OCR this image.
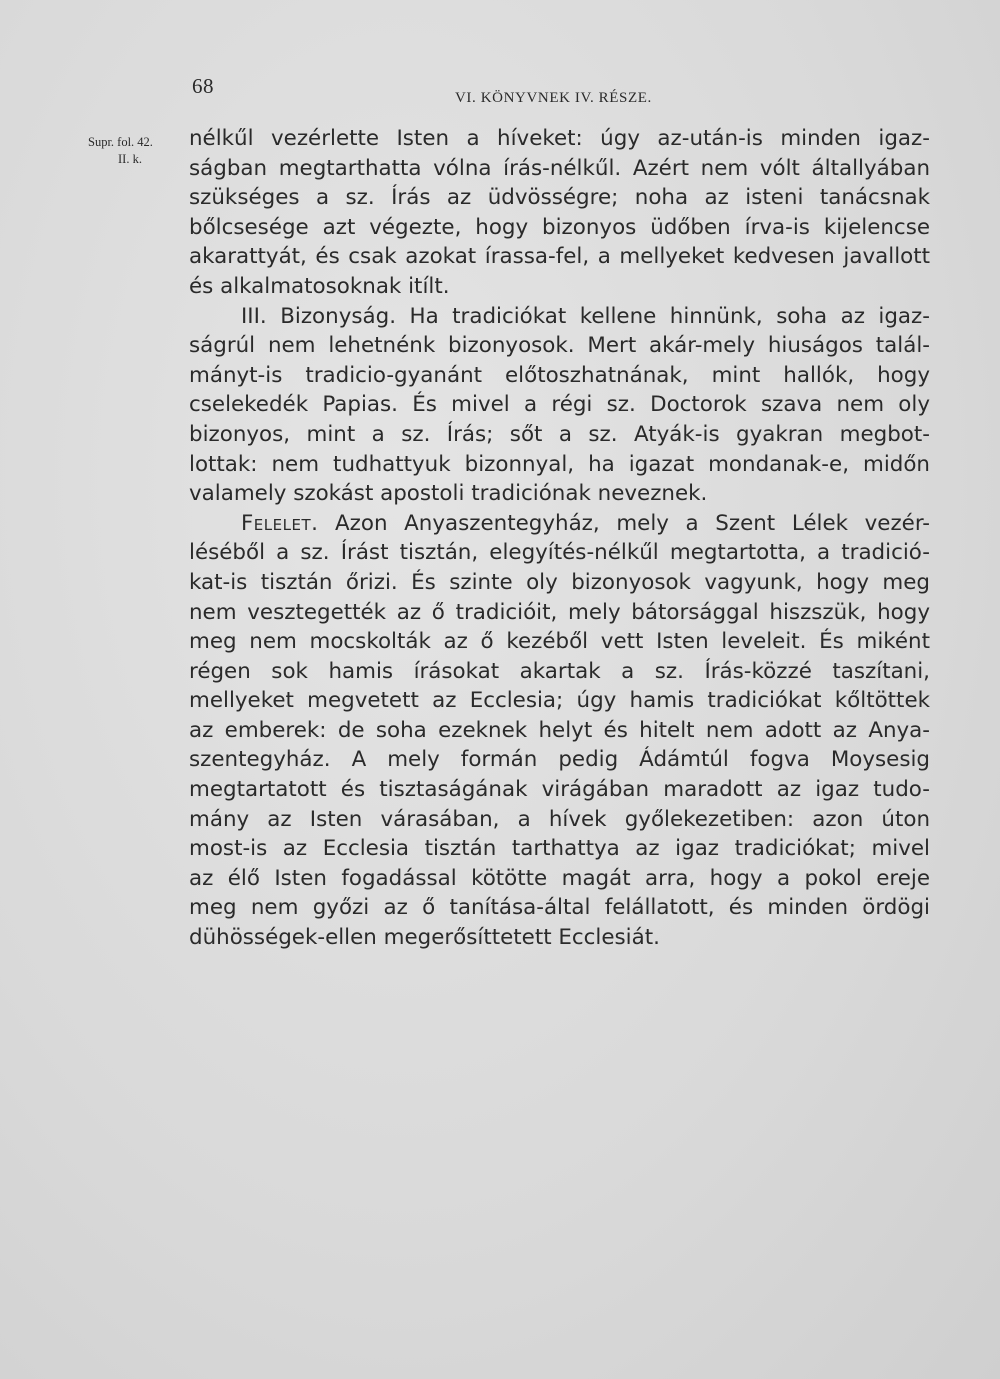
68	VI. KÖNYVNEK IV. RÉSZE.
Supr. fol. 42.
II. k.

nélkűl vezérlette Isten a híveket: úgy az-után-is minden igaz-
ságban megtarthatta vólna írás-nélkűl. Azért nem vólt általlyában
szükséges a sz. Írás az üdvösségre; noha az isteni tanácsnak
bőlcsesége azt végezte, hogy bizonyos üdőben írva-is kijelencse
akarattyát, és csak azokat írassa-fel, a mellyeket kedvesen javallott
és alkalmatosoknak itílt.

III. Bizonyság. Ha tradiciókat kellene hinnünk, soha az igaz-
ságrúl nem lehetnénk bizonyosok. Mert akár-mely hiuságos talál-
mányt-is tradicio-gyanánt előtoszhatnának, mint hallók, hogy
cselekedék Papias. És mivel a régi sz. Doctorok szava nem oly
bizonyos, mint a sz. Írás; sőt a sz. Atyák-is gyakran megbot-
lottak: nem tudhattyuk bizonnyal, ha igazat mondanak-e, midőn
valamely szokást apostoli tradiciónak neveznek.

Felelet. Azon Anyaszentegyház, mely a Szent Lélek vezér-
léséből a sz. Írást tisztán, elegyítés-nélkűl megtartotta, a tradició-
kat-is tisztán őrizi. És szinte oly bizonyosok vagyunk, hogy meg
nem vesztegették az ő tradicióit, mely bátorsággal hiszszük, hogy
meg nem mocskolták az ő kezéből vett Isten leveleit. És miként
régen sok hamis írásokat akartak a sz. Írás-közzé taszítani,
mellyeket megvetett az Ecclesia; úgy hamis tradiciókat kőltöttek
az emberek: de soha ezeknek helyt és hitelt nem adott az Anya-
szentegyház. A mely formán pedig Ádámtúl fogva Moysesig
megtartatott és tisztaságának virágában maradott az igaz tudo-
mány az Isten várasában, a hívek győlekezetiben: azon úton
most-is az Ecclesia tisztán tarthattya az igaz tradiciókat; mivel
az élő Isten fogadással kötötte magát arra, hogy a pokol ereje
meg nem győzi az ő tanítása-által felállatott, és minden ördögi
dühösségek-ellen megerősíttetett Ecclesiát.
